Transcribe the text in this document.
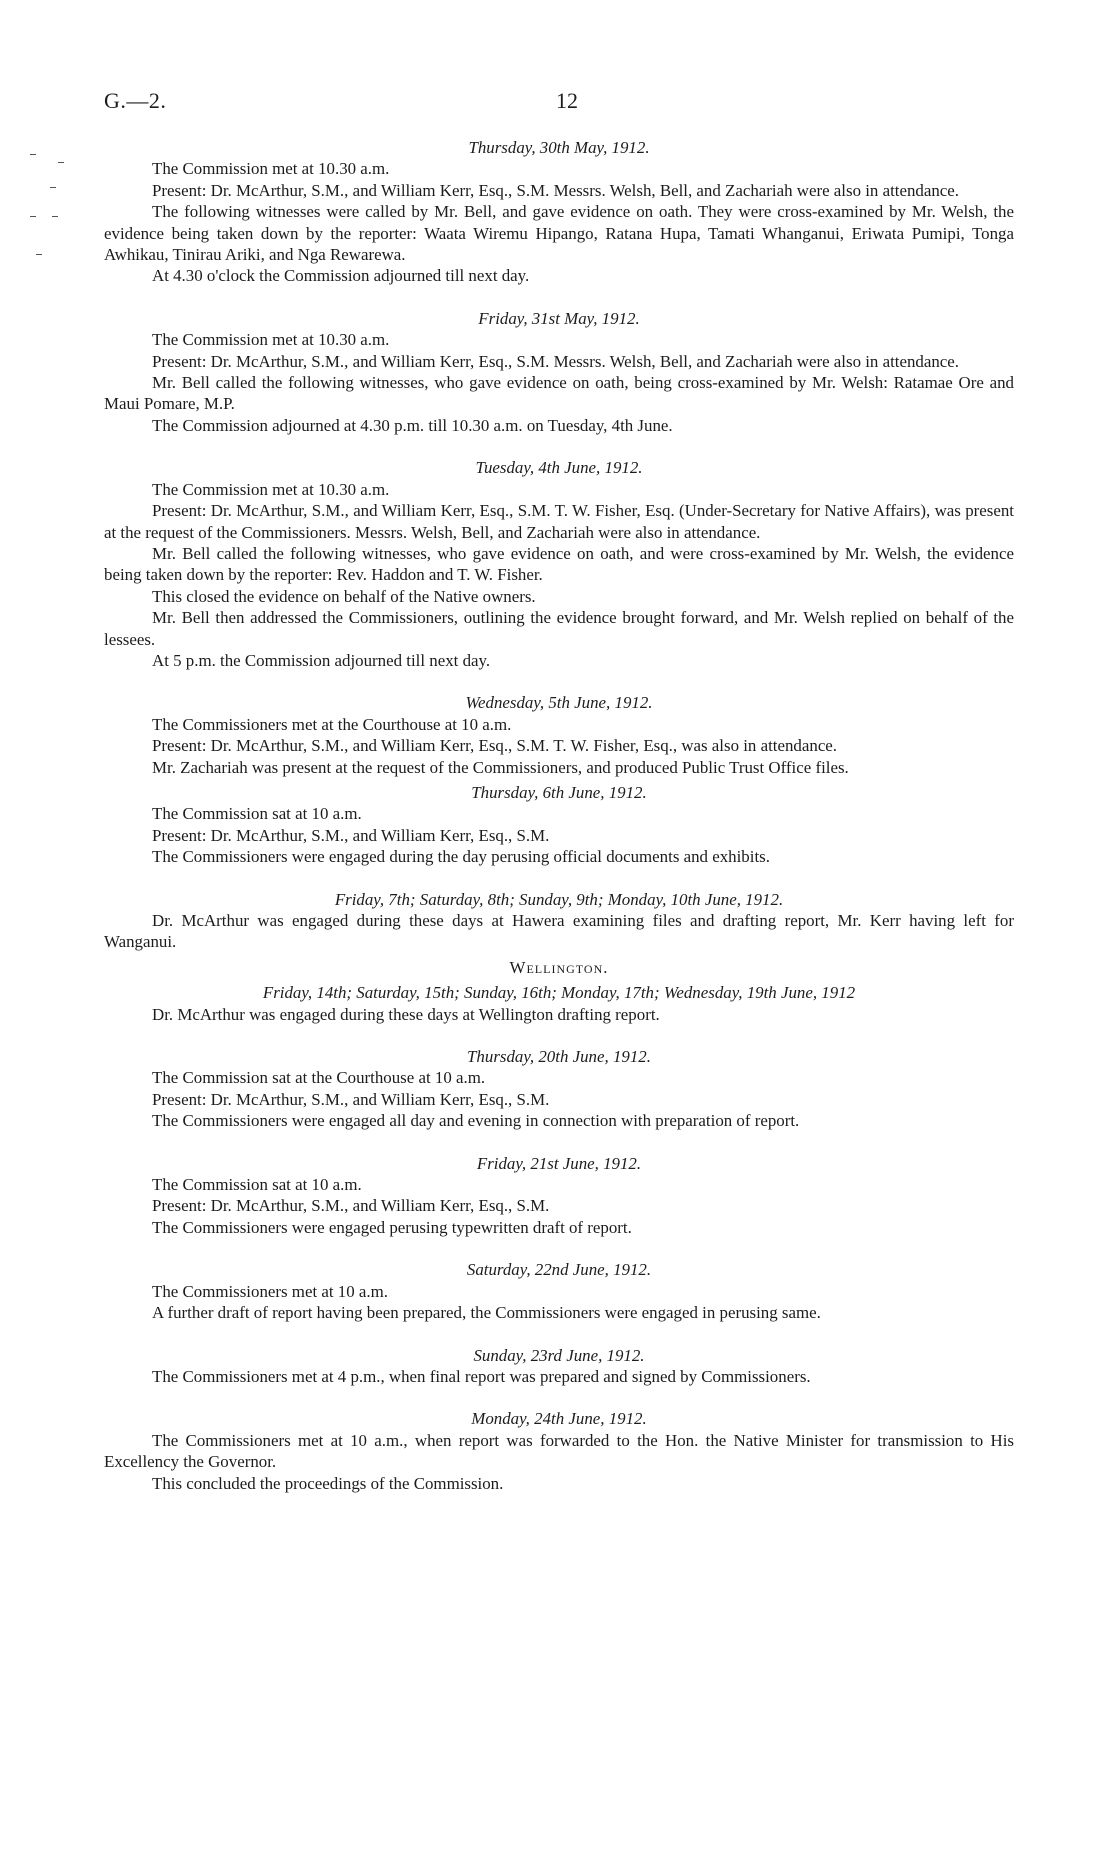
G.—2.	12

Thursday, 30th May, 1912.

The Commission met at 10.30 a.m.

Present: Dr. McArthur, S.M., and William Kerr, Esq., S.M. Messrs. Welsh, Bell, and Zachariah were also in attendance.

The following witnesses were called by Mr. Bell, and gave evidence on oath. They were cross-examined by Mr. Welsh, the evidence being taken down by the reporter: Waata Wiremu Hipango, Ratana Hupa, Tamati Whanganui, Eriwata Pumipi, Tonga Awhikau, Tinirau Ariki, and Nga Rewarewa.

At 4.30 o'clock the Commission adjourned till next day.

Friday, 31st May, 1912.

The Commission met at 10.30 a.m.

Present: Dr. McArthur, S.M., and William Kerr, Esq., S.M. Messrs. Welsh, Bell, and Zachariah were also in attendance.

Mr. Bell called the following witnesses, who gave evidence on oath, being cross-examined by Mr. Welsh: Ratamae Ore and Maui Pomare, M.P.

The Commission adjourned at 4.30 p.m. till 10.30 a.m. on Tuesday, 4th June.

Tuesday, 4th June, 1912.

The Commission met at 10.30 a.m.

Present: Dr. McArthur, S.M., and William Kerr, Esq., S.M. T. W. Fisher, Esq. (Under-Secretary for Native Affairs), was present at the request of the Commissioners. Messrs. Welsh, Bell, and Zachariah were also in attendance.

Mr. Bell called the following witnesses, who gave evidence on oath, and were cross-examined by Mr. Welsh, the evidence being taken down by the reporter: Rev. Haddon and T. W. Fisher.

This closed the evidence on behalf of the Native owners.

Mr. Bell then addressed the Commissioners, outlining the evidence brought forward, and Mr. Welsh replied on behalf of the lessees.

At 5 p.m. the Commission adjourned till next day.

Wednesday, 5th June, 1912.

The Commissioners met at the Courthouse at 10 a.m.

Present: Dr. McArthur, S.M., and William Kerr, Esq., S.M. T. W. Fisher, Esq., was also in attendance.

Mr. Zachariah was present at the request of the Commissioners, and produced Public Trust Office files.

Thursday, 6th June, 1912.

The Commission sat at 10 a.m.

Present: Dr. McArthur, S.M., and William Kerr, Esq., S.M.

The Commissioners were engaged during the day perusing official documents and exhibits.

Friday, 7th; Saturday, 8th; Sunday, 9th; Monday, 10th June, 1912.

Dr. McArthur was engaged during these days at Hawera examining files and drafting report, Mr. Kerr having left for Wanganui.

Wellington.

Friday, 14th; Saturday, 15th; Sunday, 16th; Monday, 17th; Wednesday, 19th June, 1912

Dr. McArthur was engaged during these days at Wellington drafting report.

Thursday, 20th June, 1912.

The Commission sat at the Courthouse at 10 a.m.

Present: Dr. McArthur, S.M., and William Kerr, Esq., S.M.

The Commissioners were engaged all day and evening in connection with preparation of report.

Friday, 21st June, 1912.

The Commission sat at 10 a.m.

Present: Dr. McArthur, S.M., and William Kerr, Esq., S.M.

The Commissioners were engaged perusing typewritten draft of report.

Saturday, 22nd June, 1912.

The Commissioners met at 10 a.m.

A further draft of report having been prepared, the Commissioners were engaged in perusing same.

Sunday, 23rd June, 1912.

The Commissioners met at 4 p.m., when final report was prepared and signed by Commissioners.

Monday, 24th June, 1912.

The Commissioners met at 10 a.m., when report was forwarded to the Hon. the Native Minister for transmission to His Excellency the Governor.

This concluded the proceedings of the Commission.
